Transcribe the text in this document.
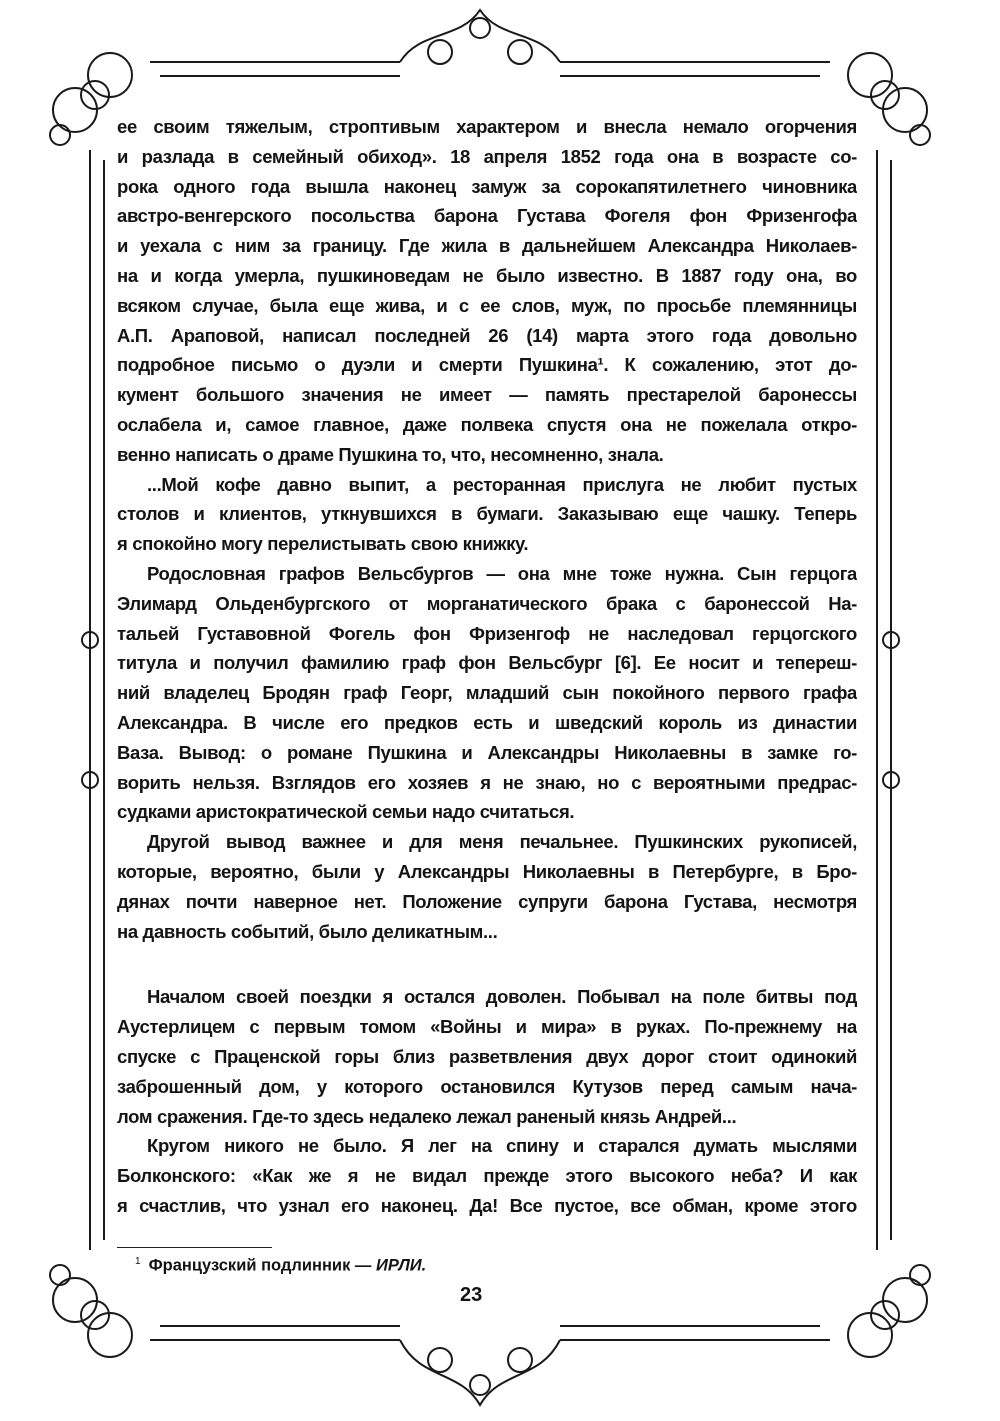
ее своим тяжелым, строптивым характером и внесла немало огорчения
и разлада в семейный обиход». 18 апреля 1852 года она в возрасте со-
рока одного года вышла наконец замуж за сорокапятилетнего чиновника
австро-венгерского посольства барона Густава Фогеля фон Фризенгофа
и уехала с ним за границу. Где жила в дальнейшем Александра Николаев-
на и когда умерла, пушкиноведам не было известно. В 1887 году она, во
всяком случае, была еще жива, и с ее слов, муж, по просьбе племянницы
А.П. Араповой, написал последней 26 (14) марта этого года довольно
подробное письмо о дуэли и смерти Пушкина¹. К сожалению, этот до-
кумент большого значения не имеет — память престарелой баронессы
ослабела и, самое главное, даже полвека спустя она не пожелала откро-
венно написать о драме Пушкина то, что, несомненно, знала.
...Мой кофе давно выпит, а ресторанная прислуга не любит пустых
столов и клиентов, уткнувшихся в бумаги. Заказываю еще чашку. Теперь
я спокойно могу перелистывать свою книжку.
Родословная графов Вельсбургов — она мне тоже нужна. Сын герцога
Элимард Ольденбургского от морганатического брака с баронессой На-
тальей Густавовной Фогель фон Фризенгоф не наследовал герцогского
титула и получил фамилию граф фон Вельсбург [6]. Ее носит и тепереш-
ний владелец Бродян граф Георг, младший сын покойного первого графа
Александра. В числе его предков есть и шведский король из династии
Ваза. Вывод: о романе Пушкина и Александры Николаевны в замке го-
ворить нельзя. Взглядов его хозяев я не знаю, но с вероятными предрас-
судками аристократической семьи надо считаться.
Другой вывод важнее и для меня печальнее. Пушкинских рукописей,
которые, вероятно, были у Александры Николаевны в Петербурге, в Бро-
дянах почти наверное нет. Положение супруги барона Густава, несмотря
на давность событий, было деликатным...
Началом своей поездки я остался доволен. Побывал на поле битвы под
Аустерлицем с первым томом «Войны и мира» в руках. По-прежнему на
спуске с Праценской горы близ разветвления двух дорог стоит одинокий
заброшенный дом, у которого остановился Кутузов перед самым нача-
лом сражения. Где-то здесь недалеко лежал раненый князь Андрей...
Кругом никого не было. Я лег на спину и старался думать мыслями
Болконского: «Как же я не видал прежде этого высокого неба? И как
я счастлив, что узнал его наконец. Да! Все пустое, все обман, кроме этого
$^1$ Французский подлинник — ИРЛИ.
23
